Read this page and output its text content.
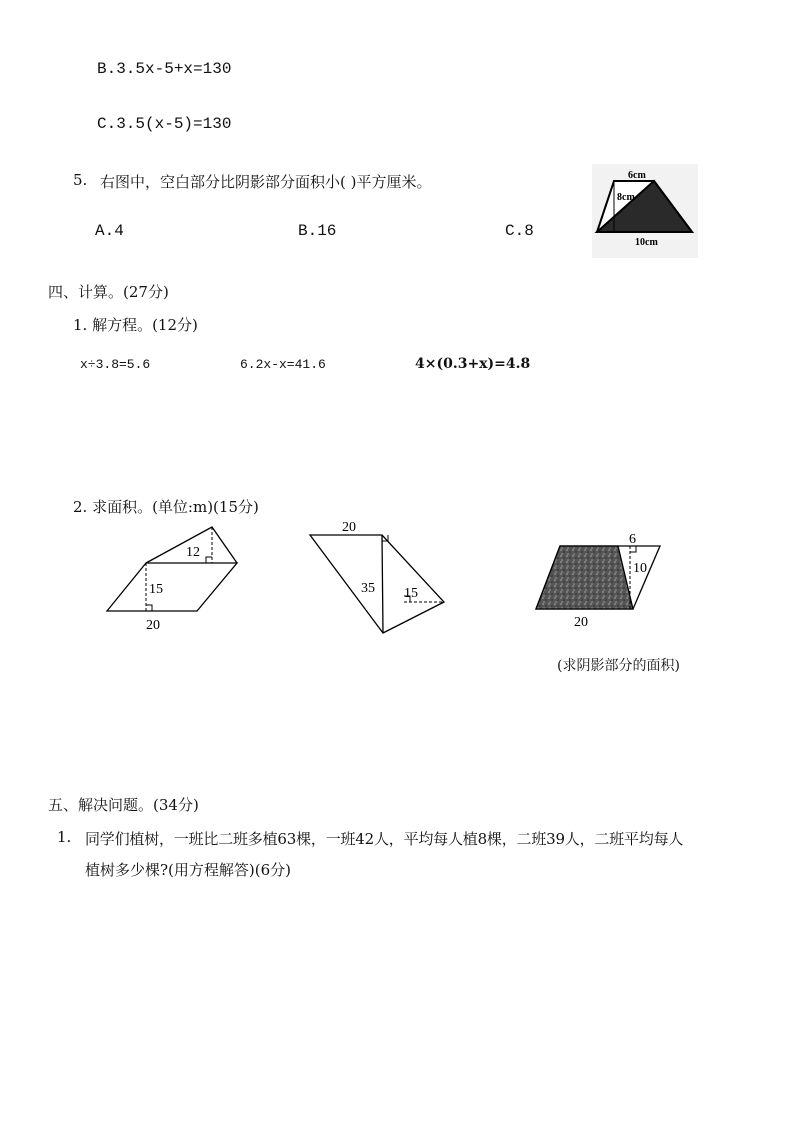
B.3.5x-5+x=130
C.3.5(x-5)=130
5. 右图中，空白部分比阴影部分面积小( )平方厘米。
A.4	B.16	C.8
6cm
8cm
10cm
四、计算。(27分)
1. 解方程。(12分)
x÷3.8=5.6	6.2x-x=41.6	4×(0.3+x)=4.8
2. 求面积。(单位:m)(15分)
12
15
20
20
35 15
6
10
20
(求阴影部分的面积)
五、解决问题。(34分)
1. 同学们植树，一班比二班多植63棵，一班42人，平均每人植8棵，二班39人，二班平均每人
植树多少棵?(用方程解答)(6分)
